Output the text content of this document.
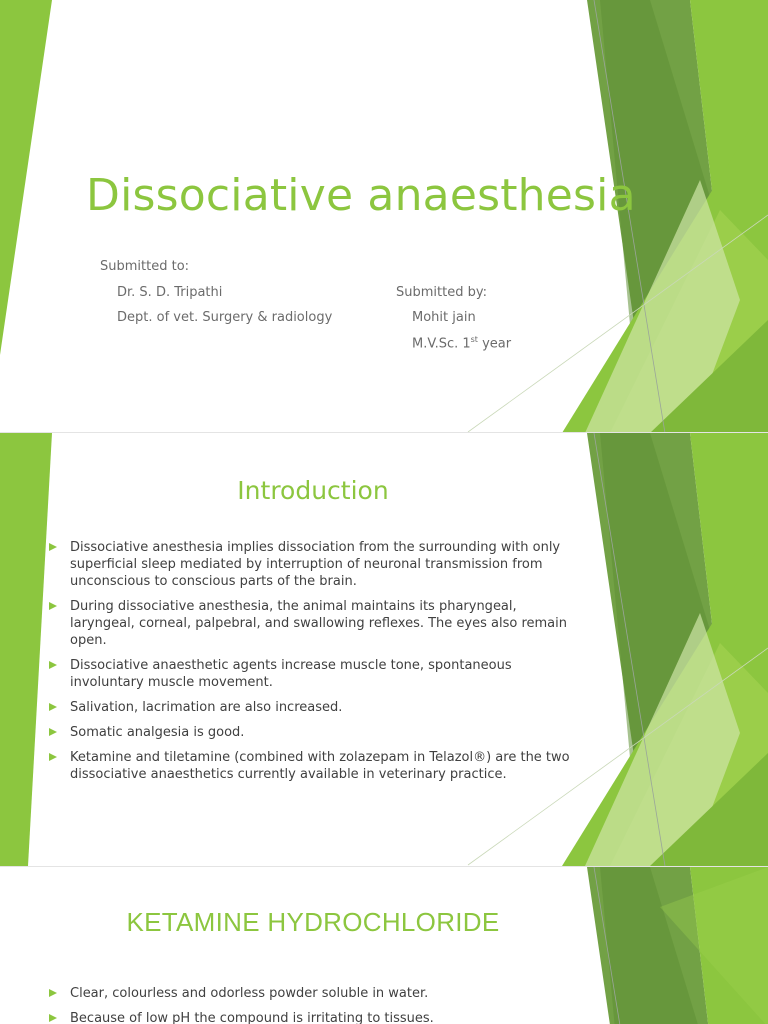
Dissociative anaesthesia
Submitted to:
Dr. S. D. Tripathi
Dept. of vet. Surgery & radiology
Submitted by:
Mohit jain
M.V.Sc. 1st year
Introduction
Dissociative anesthesia implies dissociation from the surrounding with only superficial sleep mediated by interruption of neuronal transmission from unconscious to conscious parts of the brain.
During dissociative anesthesia, the animal maintains its pharyngeal, laryngeal, corneal, palpebral, and swallowing reflexes. The eyes also remain open.
Dissociative anaesthetic agents increase muscle tone, spontaneous involuntary muscle movement.
Salivation, lacrimation are also increased.
Somatic analgesia is good.
Ketamine and tiletamine (combined with zolazepam in Telazol®) are the two dissociative anaesthetics currently available in veterinary practice.
KETAMINE HYDROCHLORIDE
Clear, colourless and odorless powder soluble in water.
Because of low pH the compound is irritating to tissues.
